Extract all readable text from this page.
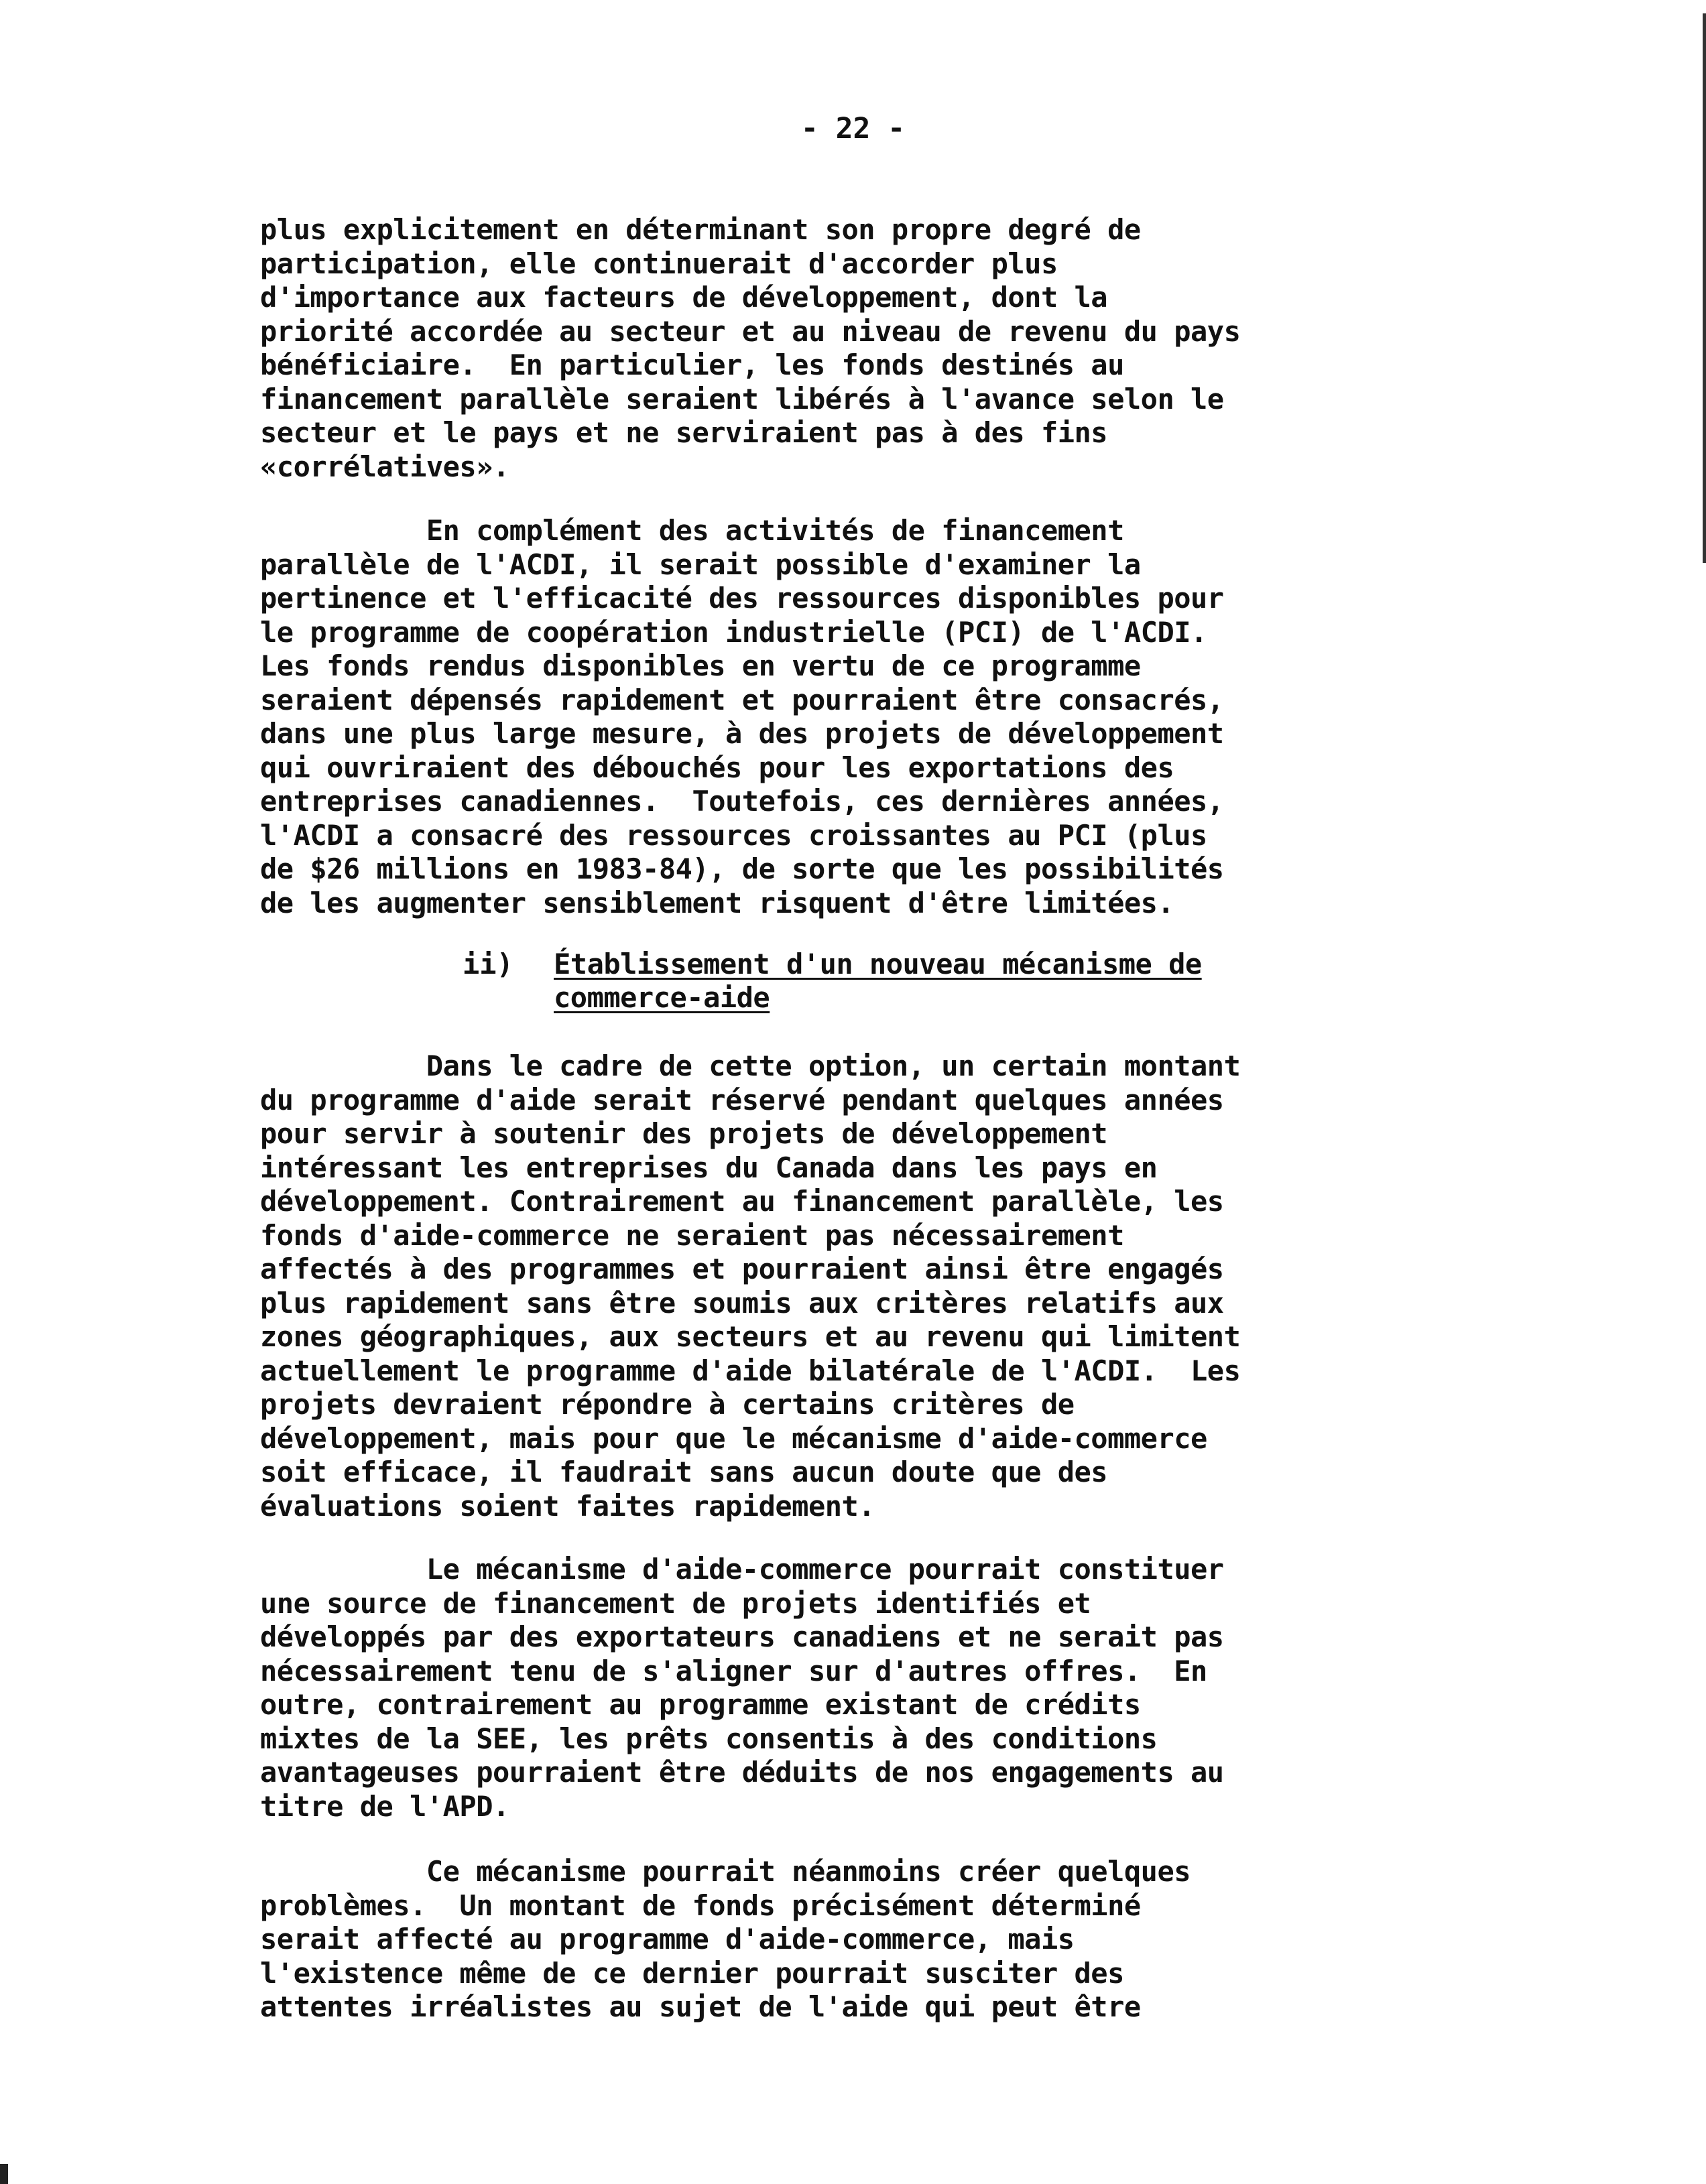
- 22 -
plus explicitement en déterminant son propre degré de
participation, elle continuerait d'accorder plus
d'importance aux facteurs de développement, dont la
priorité accordée au secteur et au niveau de revenu du pays
bénéficiaire.  En particulier, les fonds destinés au
financement parallèle seraient libérés à l'avance selon le
secteur et le pays et ne serviraient pas à des fins
«corrélatives».
En complément des activités de financement
parallèle de l'ACDI, il serait possible d'examiner la
pertinence et l'efficacité des ressources disponibles pour
le programme de coopération industrielle (PCI) de l'ACDI.
Les fonds rendus disponibles en vertu de ce programme
seraient dépensés rapidement et pourraient être consacrés,
dans une plus large mesure, à des projets de développement
qui ouvriraient des débouchés pour les exportations des
entreprises canadiennes.  Toutefois, ces dernières années,
l'ACDI a consacré des ressources croissantes au PCI (plus
de $26 millions en 1983-84), de sorte que les possibilités
de les augmenter sensiblement risquent d'être limitées.
ii) Établissement d'un nouveau mécanisme de
commerce-aide
Dans le cadre de cette option, un certain montant
du programme d'aide serait réservé pendant quelques années
pour servir à soutenir des projets de développement
intéressant les entreprises du Canada dans les pays en
développement. Contrairement au financement parallèle, les
fonds d'aide-commerce ne seraient pas nécessairement
affectés à des programmes et pourraient ainsi être engagés
plus rapidement sans être soumis aux critères relatifs aux
zones géographiques, aux secteurs et au revenu qui limitent
actuellement le programme d'aide bilatérale de l'ACDI.  Les
projets devraient répondre à certains critères de
développement, mais pour que le mécanisme d'aide-commerce
soit efficace, il faudrait sans aucun doute que des
évaluations soient faites rapidement.
Le mécanisme d'aide-commerce pourrait constituer
une source de financement de projets identifiés et
développés par des exportateurs canadiens et ne serait pas
nécessairement tenu de s'aligner sur d'autres offres.  En
outre, contrairement au programme existant de crédits
mixtes de la SEE, les prêts consentis à des conditions
avantageuses pourraient être déduits de nos engagements au
titre de l'APD.
Ce mécanisme pourrait néanmoins créer quelques
problèmes.  Un montant de fonds précisément déterminé
serait affecté au programme d'aide-commerce, mais
l'existence même de ce dernier pourrait susciter des
attentes irréalistes au sujet de l'aide qui peut être
